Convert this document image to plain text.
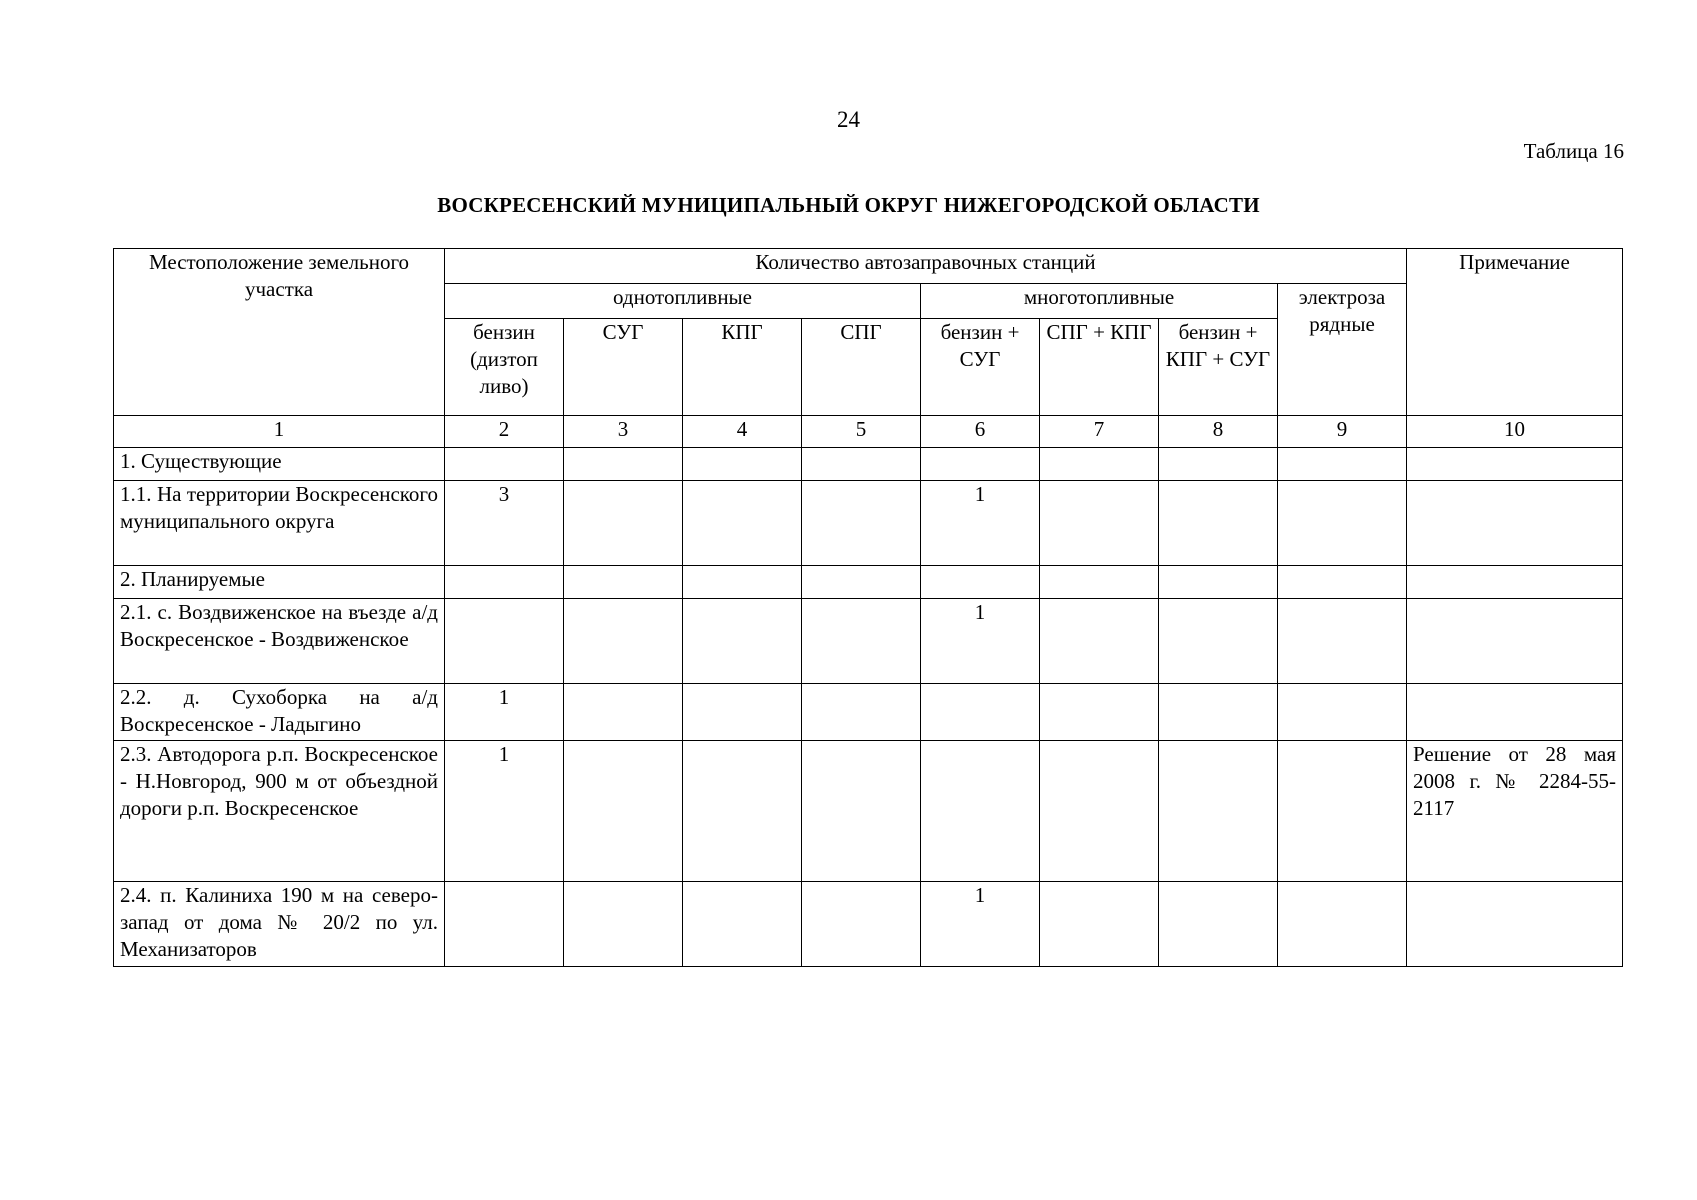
24
Таблица 16
ВОСКРЕСЕНСКИЙ МУНИЦИПАЛЬНЫЙ ОКРУГ НИЖЕГОРОДСКОЙ ОБЛАСТИ
Местоположение земельного участка	Количество автозаправочных станций								Примечание
	однотопливные				многотопливные			электроза рядные	
	бензин (дизтоп ливо)	СУГ	КПГ	СПГ	бензин + СУГ	СПГ + КПГ	бензин + КПГ + СУГ		
1	2	3	4	5	6	7	8	9	10
1. Существующие									
1.1. На территории Воскресенского муниципального округа	3				1				
2. Планируемые									
2.1. с. Воздвиженское на въезде а/д Воскресенское - Воздвиженское					1				
2.2. д. Сухоборка на а/д Воскресенское - Ладыгино	1								
2.3. Автодорога р.п. Воскресенское - Н.Новгород, 900 м от объездной дороги р.п. Воскресенское	1								Решение от 28 мая 2008 г. № 2284-55-2117
2.4. п. Калиниха 190 м на северо-запад от дома № 20/2 по ул. Механизаторов					1				
